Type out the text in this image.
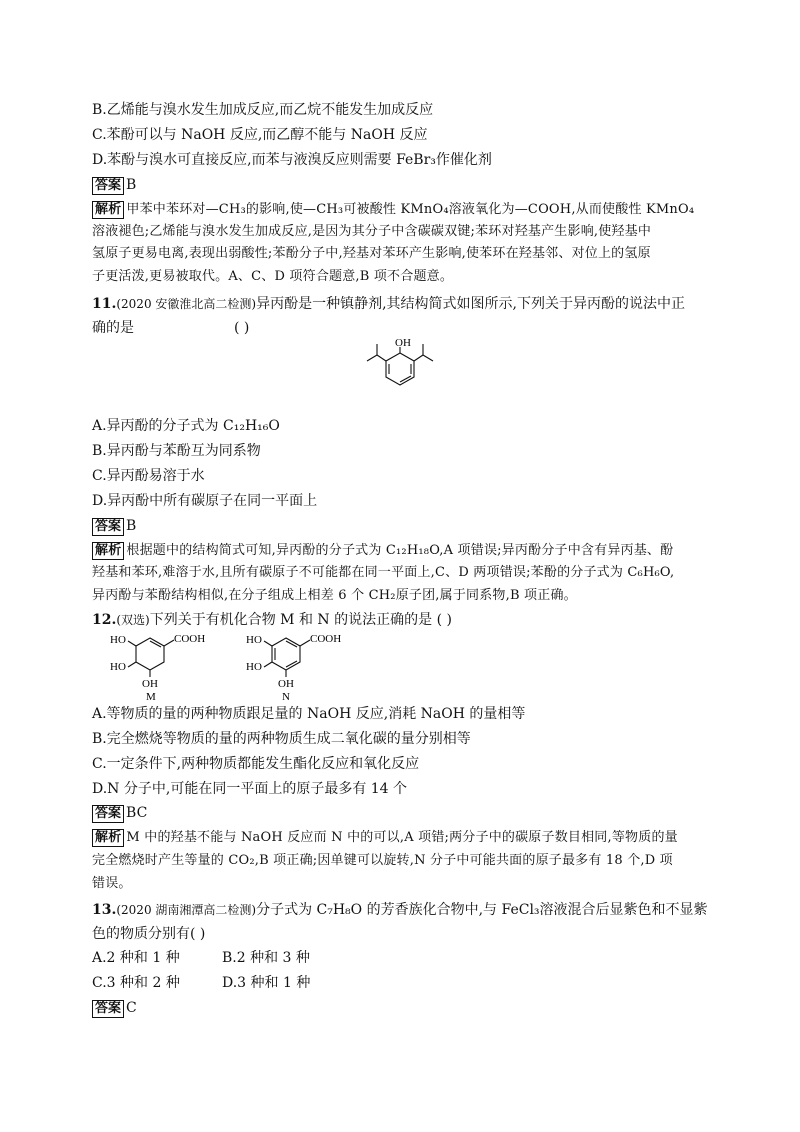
B.乙烯能与溴水发生加成反应,而乙烷不能发生加成反应
C.苯酚可以与 NaOH 反应,而乙醇不能与 NaOH 反应
D.苯酚与溴水可直接反应,而苯与液溴反应则需要 FeBr₃作催化剂
答案 B
解析 甲苯中苯环对—CH₃的影响,使—CH₃可被酸性 KMnO₄溶液氧化为—COOH,从而使酸性 KMnO₄
溶液褪色;乙烯能与溴水发生加成反应,是因为其分子中含碳碳双键;苯环对羟基产生影响,使羟基中
氢原子更易电离,表现出弱酸性;苯酚分子中,羟基对苯环产生影响,使苯环在羟基邻、对位上的氢原
子更活泼,更易被取代。A、C、D 项符合题意,B 项不合题意。
11.(2020 安徽淮北高二检测)异丙酚是一种镇静剂,其结构简式如图所示,下列关于异丙酚的说法中正
确的是	( )
OH
A.异丙酚的分子式为 C₁₂H₁₆O
B.异丙酚与苯酚互为同系物
C.异丙酚易溶于水
D.异丙酚中所有碳原子在同一平面上
答案 B
解析 根据题中的结构简式可知,异丙酚的分子式为 C₁₂H₁₈O,A 项错误;异丙酚分子中含有异丙基、酚
羟基和苯环,难溶于水,且所有碳原子不可能都在同一平面上,C、D 两项错误;苯酚的分子式为 C₆H₆O,
异丙酚与苯酚结构相似,在分子组成上相差 6 个 CH₂原子团,属于同系物,B 项正确。
12.(双选)下列关于有机化合物 M 和 N 的说法正确的是 ( )
COOH
HO
HO
OH
M
COOH
HO
HO
OH
N
A.等物质的量的两种物质跟足量的 NaOH 反应,消耗 NaOH 的量相等
B.完全燃烧等物质的量的两种物质生成二氧化碳的量分别相等
C.一定条件下,两种物质都能发生酯化反应和氧化反应
D.N 分子中,可能在同一平面上的原子最多有 14 个
答案 BC
解析 M 中的羟基不能与 NaOH 反应而 N 中的可以,A 项错;两分子中的碳原子数目相同,等物质的量
完全燃烧时产生等量的 CO₂,B 项正确;因单键可以旋转,N 分子中可能共面的原子最多有 18 个,D 项
错误。
13.(2020 湖南湘潭高二检测)分子式为 C₇H₈O 的芳香族化合物中,与 FeCl₃溶液混合后显紫色和不显紫
色的物质分别有( )
A.2 种和 1 种	B.2 种和 3 种
C.3 种和 2 种	D.3 种和 1 种
答案 C
